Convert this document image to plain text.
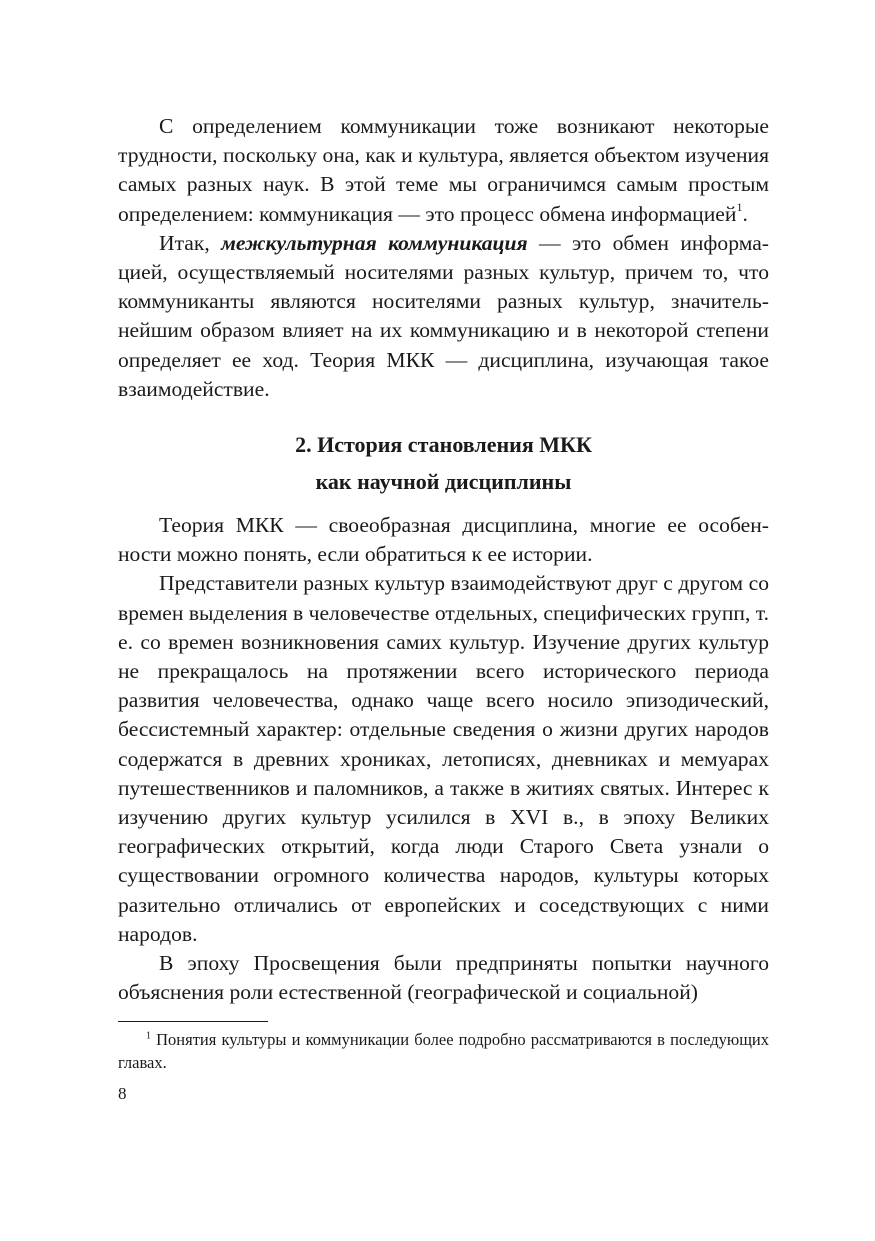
С определением коммуникации тоже возникают некоторые трудности, поскольку она, как и культура, является объектом изучения самых разных наук. В этой теме мы ограничимся самым простым определением: коммуникация — это процесс обмена информацией$^1$.

Итак, межкультурная коммуникация — это обмен информацией, осуществляемый носителями разных культур, причем то, что коммуниканты являются носителями разных культур, значительнейшим образом влияет на их коммуникацию и в некоторой степени определяет ее ход. Теория МКК — дисциплина, изучающая такое взаимодействие.

2. История становления МКК
как научной дисциплины

Теория МКК — своеобразная дисциплина, многие ее особенности можно понять, если обратиться к ее истории.

Представители разных культур взаимодействуют друг с другом со времен выделения в человечестве отдельных, специфических групп, т. е. со времен возникновения самих культур. Изучение других культур не прекращалось на протяжении всего исторического периода развития человечества, однако чаще всего носило эпизодический, бессистемный характер: отдельные сведения о жизни других народов содержатся в древних хрониках, летописях, дневниках и мемуарах путешественников и паломников, а также в житиях святых. Интерес к изучению других культур усилился в XVI в., в эпоху Великих географических открытий, когда люди Старого Света узнали о существовании огромного количества народов, культуры которых разительно отличались от европейских и соседствующих с ними народов.

В эпоху Просвещения были предприняты попытки научного объяснения роли естественной (географической и социальной)

$^1$ Понятия культуры и коммуникации более подробно рассматриваются в последующих главах.

8
